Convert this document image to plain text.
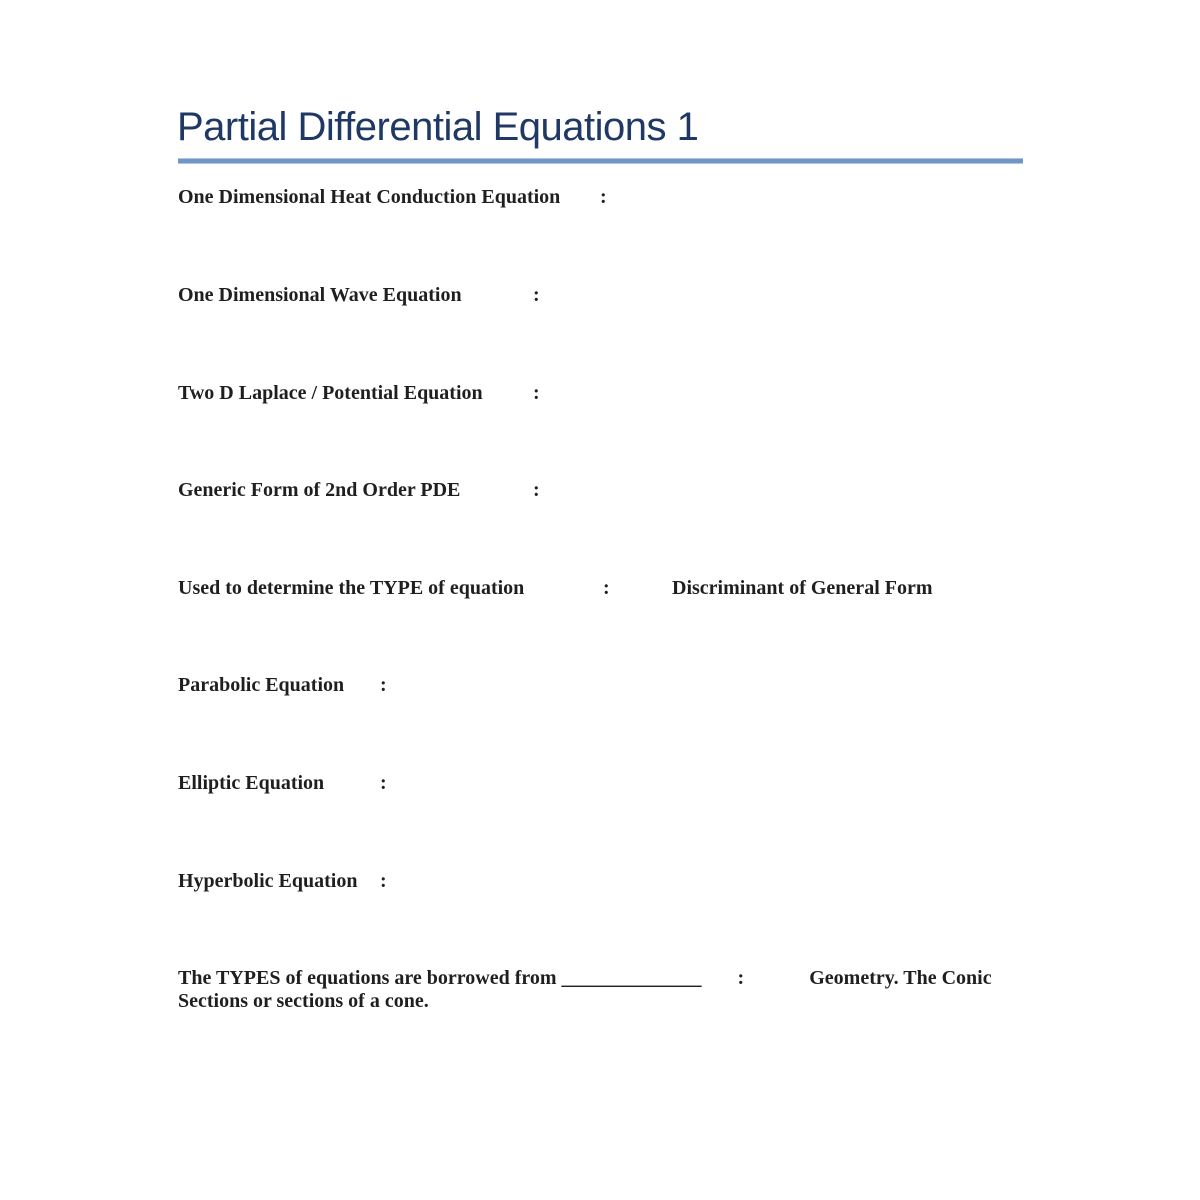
Partial Differential Equations 1
One Dimensional Heat Conduction Equation :
One Dimensional Wave Equation	:
Two D Laplace / Potential Equation	:
Generic Form of 2nd Order PDE	:
Used to determine the TYPE of equation	:	Discriminant of General Form
Parabolic Equation :
Elliptic Equation	:
Hyperbolic Equation :
The TYPES of equations are borrowed from ______________ :	Geometry. The Conic Sections or sections of a cone.
